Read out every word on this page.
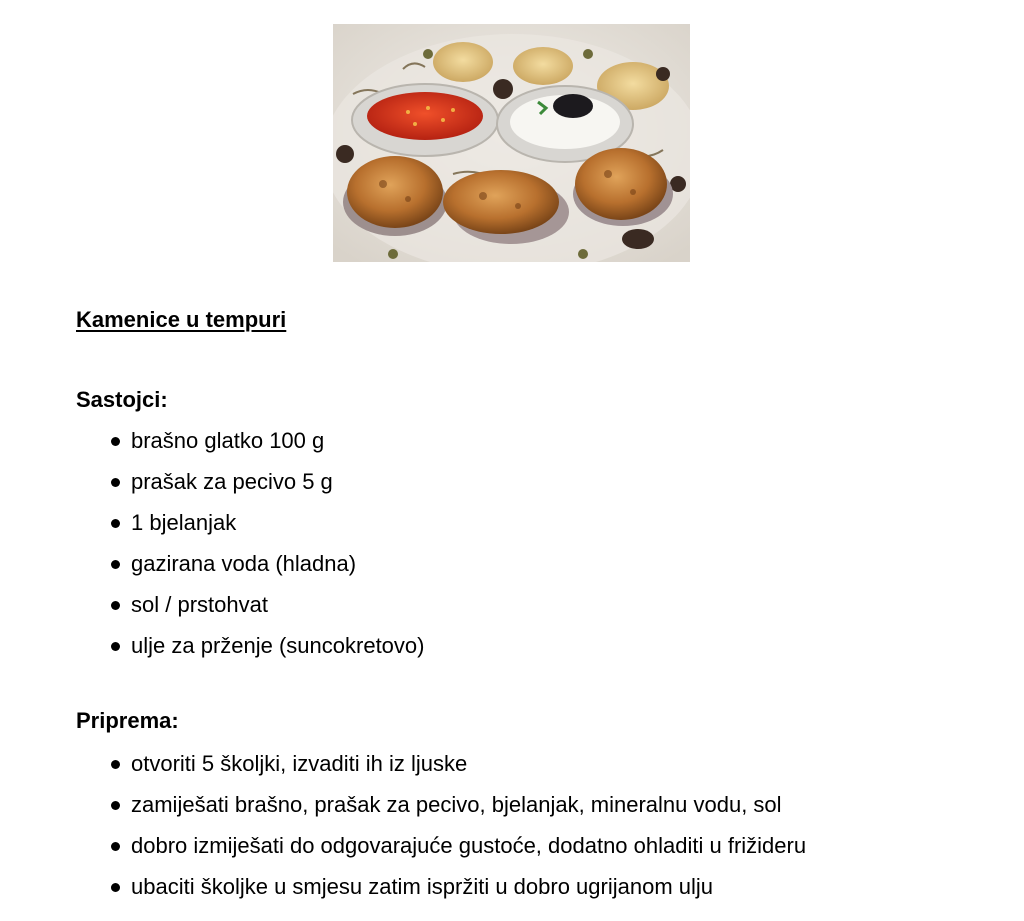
Kamenice u tempuri
Sastojci:
brašno glatko 100 g
prašak za pecivo 5 g
1 bjelanjak
gazirana voda (hladna)
sol / prstohvat
ulje za prženje (suncokretovo)
Priprema:
otvoriti 5 školjki, izvaditi ih iz ljuske
zamiješati brašno, prašak za pecivo, bjelanjak, mineralnu vodu, sol
dobro izmiješati do odgovarajuće gustoće, dodatno ohladiti u frižideru
ubaciti školjke u smjesu zatim ispržiti u dobro ugrijanom ulju
